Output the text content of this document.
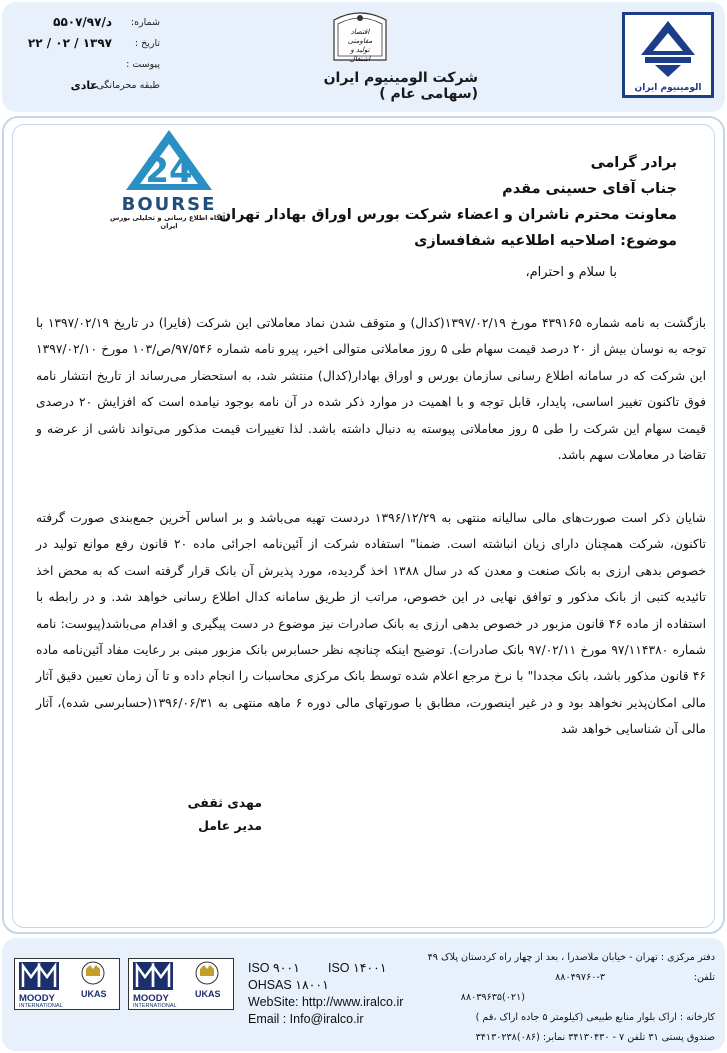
الومینیوم ایران
اقتصاد مقاومتی تولید و اشتغال
شرکت الومینیوم ایران (سهامی عام )
شماره:
د/۵۵۰۷/۹۷
تاریخ :
۱۳۹۷ / ۰۲ / ۲۲
پیوست :
طبقه محرمانگی :
عادی
24
BOURSE
پایگاه اطلاع رسانی و تحلیلی بورس ایران
برادر گرامی
جناب آقای حسینی مقدم
معاونت محترم ناشران و اعضاء شرکت بورس اوراق بهادار تهران
موضوع: اصلاحیه اطلاعیه شفافسازی
با سلام و احترام،
بازگشت به نامه شماره ۴۳۹۱۶۵ مورخ ۱۳۹۷/۰۲/۱۹(کدال) و متوقف شدن نماد معاملاتی این شرکت (فایرا) در تاریخ ۱۳۹۷/۰۲/۱۹ با توجه به نوسان بیش از ۲۰ درصد قیمت سهام طی ۵ روز معاملاتی متوالی اخیر، پیرو نامه شماره ۹۷/۵۴۶/ص/۱۰۳ مورخ ۱۳۹۷/۰۲/۱۰ این شرکت که در سامانه اطلاع رسانی سازمان بورس و اوراق بهادار(کدال) منتشر شد، به استحضار می‌رساند از تاریخ انتشار نامه فوق تاکنون تغییر اساسی، پایدار، قابل توجه و با اهمیت در موارد ذکر شده در آن نامه بوجود نیامده است که افزایش ۲۰ درصدی قیمت سهام این شرکت را طی ۵ روز معاملاتی پیوسته به دنبال داشته باشد. لذا تغییرات قیمت مذکور می‌تواند ناشی از عرضه و تقاضا در معاملات سهم باشد.
شایان ذکر است صورت‌های مالی سالیانه منتهی به ۱۳۹۶/۱۲/۲۹ دردست تهیه می‌باشد و بر اساس آخرین جمع‌بندی صورت گرفته تاکنون، شرکت همچنان دارای زیان انباشته است. ضمنا" استفاده شرکت از آئین‌نامه اجرائی ماده ۲۰ قانون رفع موانع تولید در خصوص بدهی ارزی به بانک صنعت و معدن که در سال ۱۳۸۸ اخذ گردیده، مورد پذیرش آن بانک قرار گرفته است که به محض اخذ تائیدیه کتبی از بانک مذکور و توافق نهایی در این خصوص، مراتب از طریق سامانه کدال اطلاع رسانی خواهد شد. و در رابطه با استفاده از ماده ۴۶ قانون مزبور در خصوص بدهی ارزی به بانک صادرات نیز موضوع در دست پیگیری و اقدام می‌باشد(پیوست: نامه شماره ۹۷/۱۱۴۳۸۰ مورخ ۹۷/۰۲/۱۱ بانک صادرات). توضیح اینکه چنانچه نظر حسابرس بانک مزبور مبنی بر رعایت مفاد آئین‌نامه ماده ۴۶ قانون مذکور باشد، بانک مجددا" با نرخ مرجع اعلام شده توسط بانک مرکزی محاسبات را انجام داده و تا آن زمان تعیین دقیق آثار مالی امکان‌پذیر نخواهد بود و در غیر اینصورت، مطابق با صورتهای مالی دوره ۶ ماهه منتهی به ۱۳۹۶/۰۶/۳۱(حسابرسی شده)، آثار مالی آن شناسایی خواهد شد
مهدی ثقفی
مدیر عامل
دفتر مرکزی : تهران - خیابان ملاصدرا ، بعد از چهار راه کردستان پلاک ۴۹
تلفن:
۸۸۰۴۹۷۶۰-۳
(۰۲۱)۸۸۰۳۹۶۳۵
کارخانه : اراک بلوار منابع طبیعی (کیلومتر ۵ جاده اراک ،قم )
صندوق پستی ۳۱ تلفن ۷ - ۳۴۱۳۰۴۳۰ نمابر: (۰۸۶)۳۴۱۳۰۲۳۸
ISO ۹۰۰۱ ISO ۱۴۰۰۱
OHSAS ۱۸۰۰۱
WebSite: http://www.iralco.ir
Email : Info@iralco.ir
MOODY
INTERNATIONAL
UKAS
MOODY
INTERNATIONAL
UKAS
